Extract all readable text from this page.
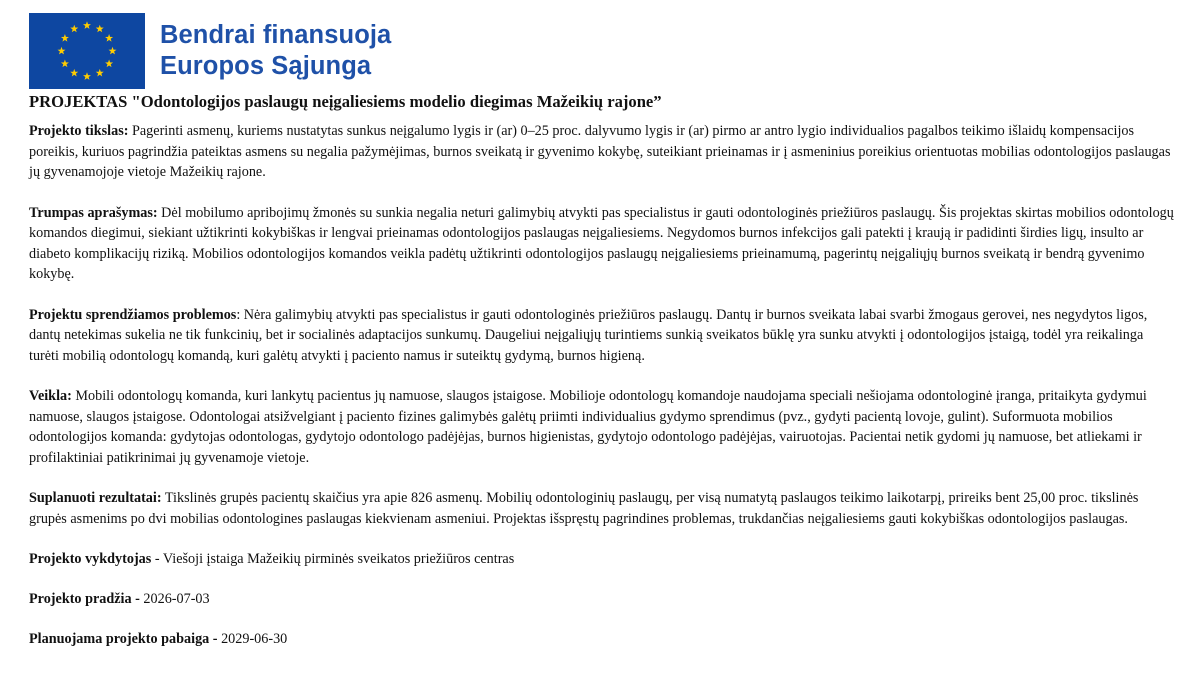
Bendrai finansuoja
Europos Sąjunga
PROJEKTAS "Odontologijos paslaugų neįgaliesiems modelio diegimas Mažeikių rajone”

Projekto tikslas: Pagerinti asmenų, kuriems nustatytas sunkus neįgalumo lygis ir (ar) 0–25 proc. dalyvumo lygis ir (ar) pirmo ar antro lygio individualios pagalbos teikimo išlaidų kompensacijos poreikis, kuriuos pagrindžia pateiktas asmens su negalia pažymėjimas, burnos sveikatą ir gyvenimo kokybę, suteikiant prieinamas ir į asmeninius poreikius orientuotas mobilias odontologijos paslaugas jų gyvenamojoje vietoje Mažeikių rajone.

Trumpas aprašymas: Dėl mobilumo apribojimų žmonės su sunkia negalia neturi galimybių atvykti pas specialistus ir gauti odontologinės priežiūros paslaugų. Šis projektas skirtas mobilios odontologų komandos diegimui, siekiant užtikrinti kokybiškas ir lengvai prieinamas odontologijos paslaugas neįgaliesiems. Negydomos burnos infekcijos gali patekti į kraują ir padidinti širdies ligų, insulto ar diabeto komplikacijų riziką. Mobilios odontologijos komandos veikla padėtų užtikrinti odontologijos paslaugų neįgaliesiems prieinamumą, pagerintų neįgaliųjų burnos sveikatą ir bendrą gyvenimo kokybę.

Projektu sprendžiamos problemos: Nėra galimybių atvykti pas specialistus ir gauti odontologinės priežiūros paslaugų. Dantų ir burnos sveikata labai svarbi žmogaus gerovei, nes negydytos ligos, dantų netekimas sukelia ne tik funkcinių, bet ir socialinės adaptacijos sunkumų. Daugeliui neįgaliųjų turintiems sunkią sveikatos būklę yra sunku atvykti į odontologijos įstaigą, todėl yra reikalinga turėti mobilią odontologų komandą, kuri galėtų atvykti į paciento namus ir suteiktų gydymą, burnos higieną.

Veikla: Mobili odontologų komanda, kuri lankytų pacientus jų namuose, slaugos įstaigose. Mobilioje odontologų komandoje naudojama speciali nešiojama odontologinė įranga, pritaikyta gydymui namuose, slaugos įstaigose. Odontologai atsižvelgiant į paciento fizines galimybės galėtų priimti individualius gydymo sprendimus (pvz., gydyti pacientą lovoje, gulint). Suformuota mobilios odontologijos komanda: gydytojas odontologas, gydytojo odontologo padėjėjas, burnos higienistas, gydytojo odontologo padėjėjas, vairuotojas. Pacientai netik gydomi jų namuose, bet atliekami ir profilaktiniai patikrinimai jų gyvenamoje vietoje.

Suplanuoti rezultatai: Tikslinės grupės pacientų skaičius yra apie 826 asmenų. Mobilių odontologinių paslaugų, per visą numatytą paslaugos teikimo laikotarpį, prireiks bent 25,00 proc. tikslinės grupės asmenims po dvi mobilias odontologines paslaugas kiekvienam asmeniui. Projektas išspręstų pagrindines problemas, trukdančias neįgaliesiems gauti kokybiškas odontologijos paslaugas.

Projekto vykdytojas - Viešoji įstaiga Mažeikių pirminės sveikatos priežiūros centras

Projekto pradžia - 2026-07-03

Planuojama projekto pabaiga - 2029-06-30
